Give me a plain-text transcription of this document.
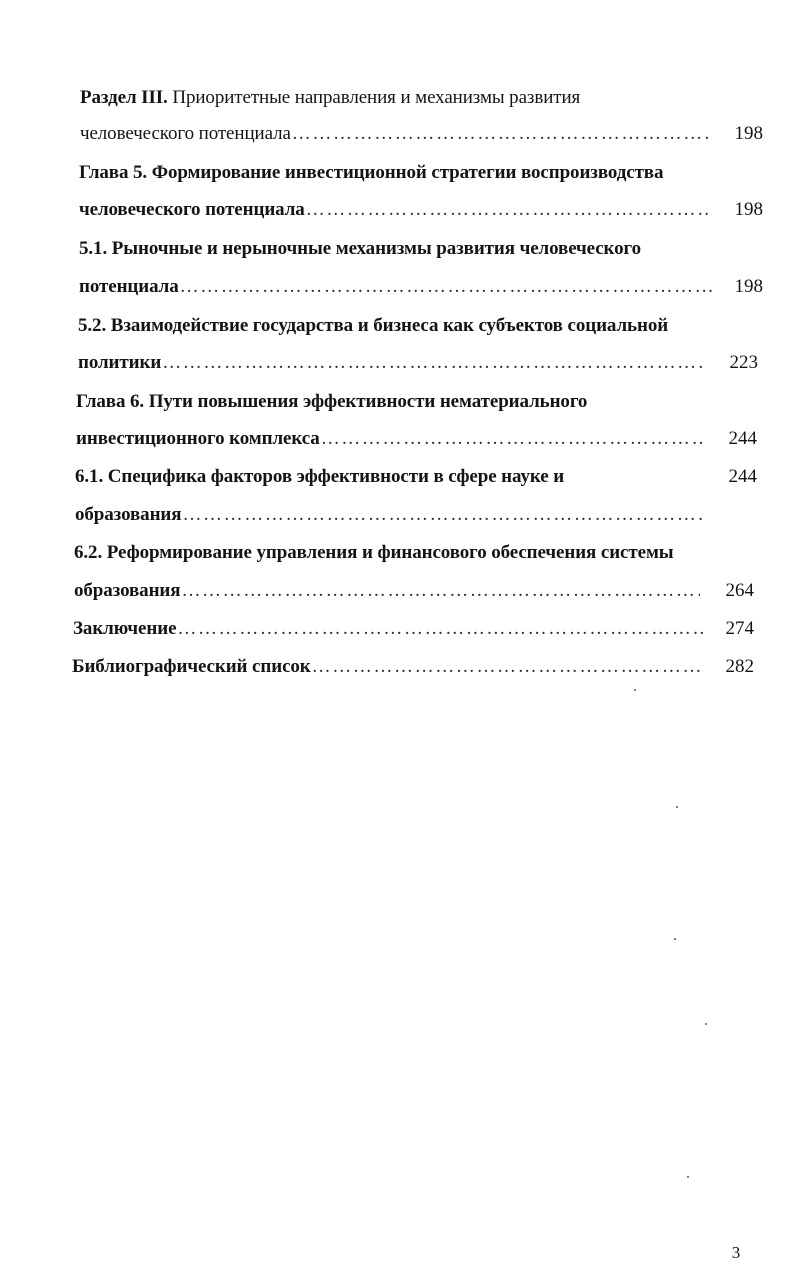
Раздел III. Приоритетные направления и механизмы развития
человеческого потенциала ……………………………………………………………………………………………………………………………………………………………………	198
Глава 5. Формирование инвестиционной стратегии воспроизводства
человеческого потенциала ……………………………………………………………………………………………………………………………………………………………………	198
5.1. Рыночные и нерыночные механизмы развития человеческого
потенциала ……………………………………………………………………………………………………………………………………………………………………	198
5.2. Взаимодействие государства и бизнеса как субъектов социальной
политики ……………………………………………………………………………………………………………………………………………………………………	223
Глава 6. Пути повышения эффективности нематериального
инвестиционного комплекса ……………………………………………………………………………………………………………………………………………………………………	244
6.1. Специфика факторов эффективности в сфере науке и	244
образования
……………………………………………………………………………………………………………………………………………………………………
6.2. Реформирование управления и финансового обеспечения системы
образования ……………………………………………………………………………………………………………………………………………………………………	264
Заключение ……………………………………………………………………………………………………………………………………………………………………	274
Библиографический список ……………………………………………………………………………………………………………………………………………………………………	282
3
